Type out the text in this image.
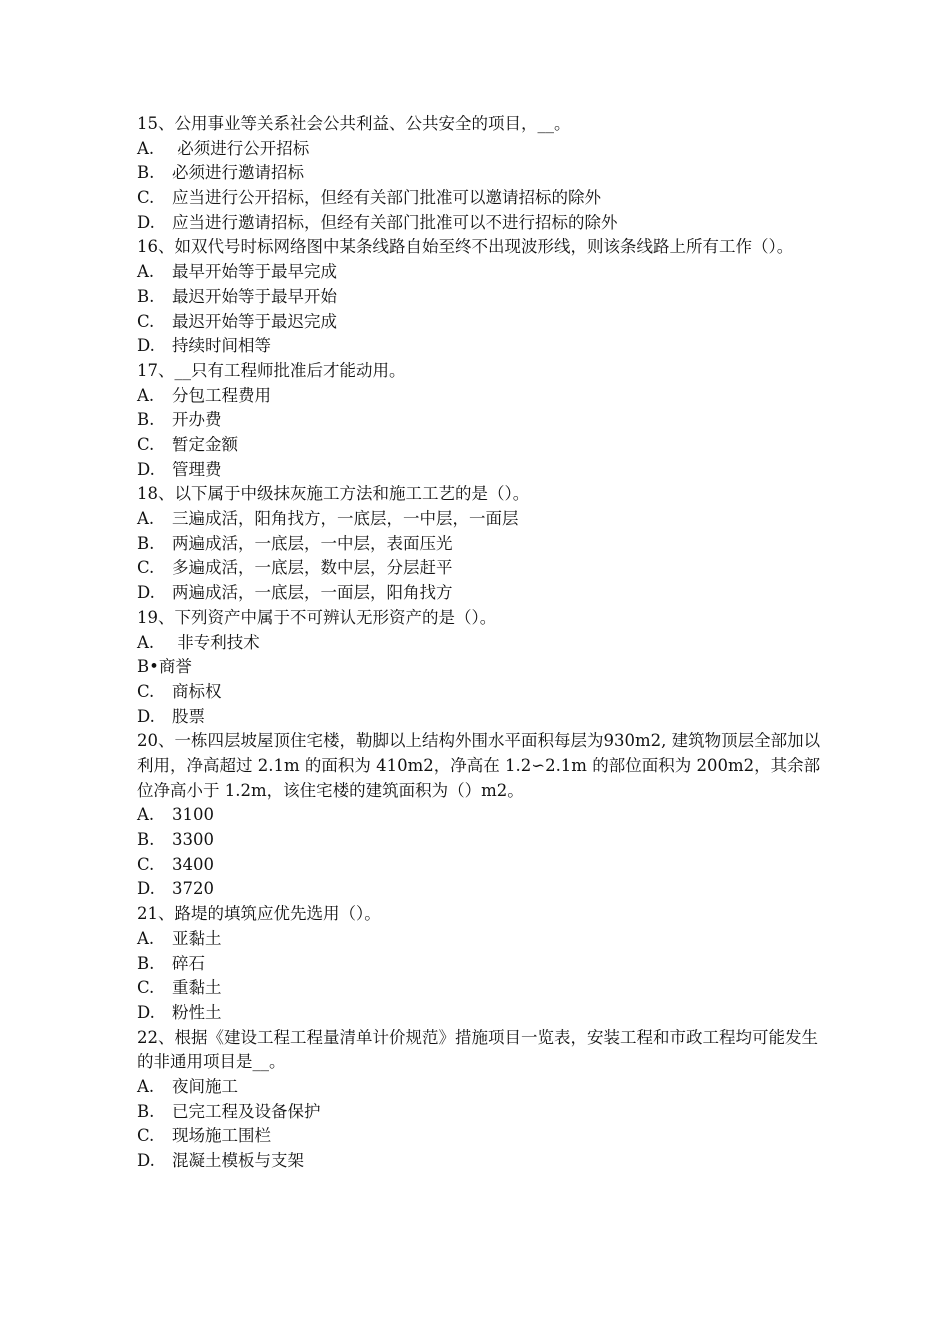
15、公用事业等关系社会公共利益、公共安全的项目，__。
A. 必须进行公开招标
B. 必须进行邀请招标
C. 应当进行公开招标，但经有关部门批准可以邀请招标的除外
D. 应当进行邀请招标，但经有关部门批准可以不进行招标的除外
16、如双代号时标网络图中某条线路自始至终不出现波形线，则该条线路上所有工作（）。
A. 最早开始等于最早完成
B. 最迟开始等于最早开始
C. 最迟开始等于最迟完成
D. 持续时间相等
17、__只有工程师批准后才能动用。
A. 分包工程费用
B. 开办费
C. 暂定金额
D. 管理费
18、以下属于中级抹灰施工方法和施工工艺的是（）。
A. 三遍成活，阳角找方，一底层，一中层，一面层
B. 两遍成活，一底层，一中层，表面压光
C. 多遍成活，一底层，数中层，分层赶平
D. 两遍成活，一底层，一面层，阳角找方
19、下列资产中属于不可辨认无形资产的是（）。
A. 非专利技术
B•商誉
C. 商标权
D. 股票
20、一栋四层坡屋顶住宅楼，勒脚以上结构外围水平面积每层为930m2, 建筑物顶层全部加以利用，净高超过 2.1m 的面积为 410m2，净高在 1.2∽2.1m 的部位面积为 200m2，其余部位净高小于 1.2m，该住宅楼的建筑面积为（）m2。
A. 3100
B. 3300
C. 3400
D. 3720
21、路堤的填筑应优先选用（）。
A. 亚黏土
B. 碎石
C. 重黏土
D. 粉性土
22、根据《建设工程工程量清单计价规范》措施项目一览表，安装工程和市政工程均可能发生的非通用项目是__。
A. 夜间施工
B. 已完工程及设备保护
C. 现场施工围栏
D. 混凝土模板与支架
